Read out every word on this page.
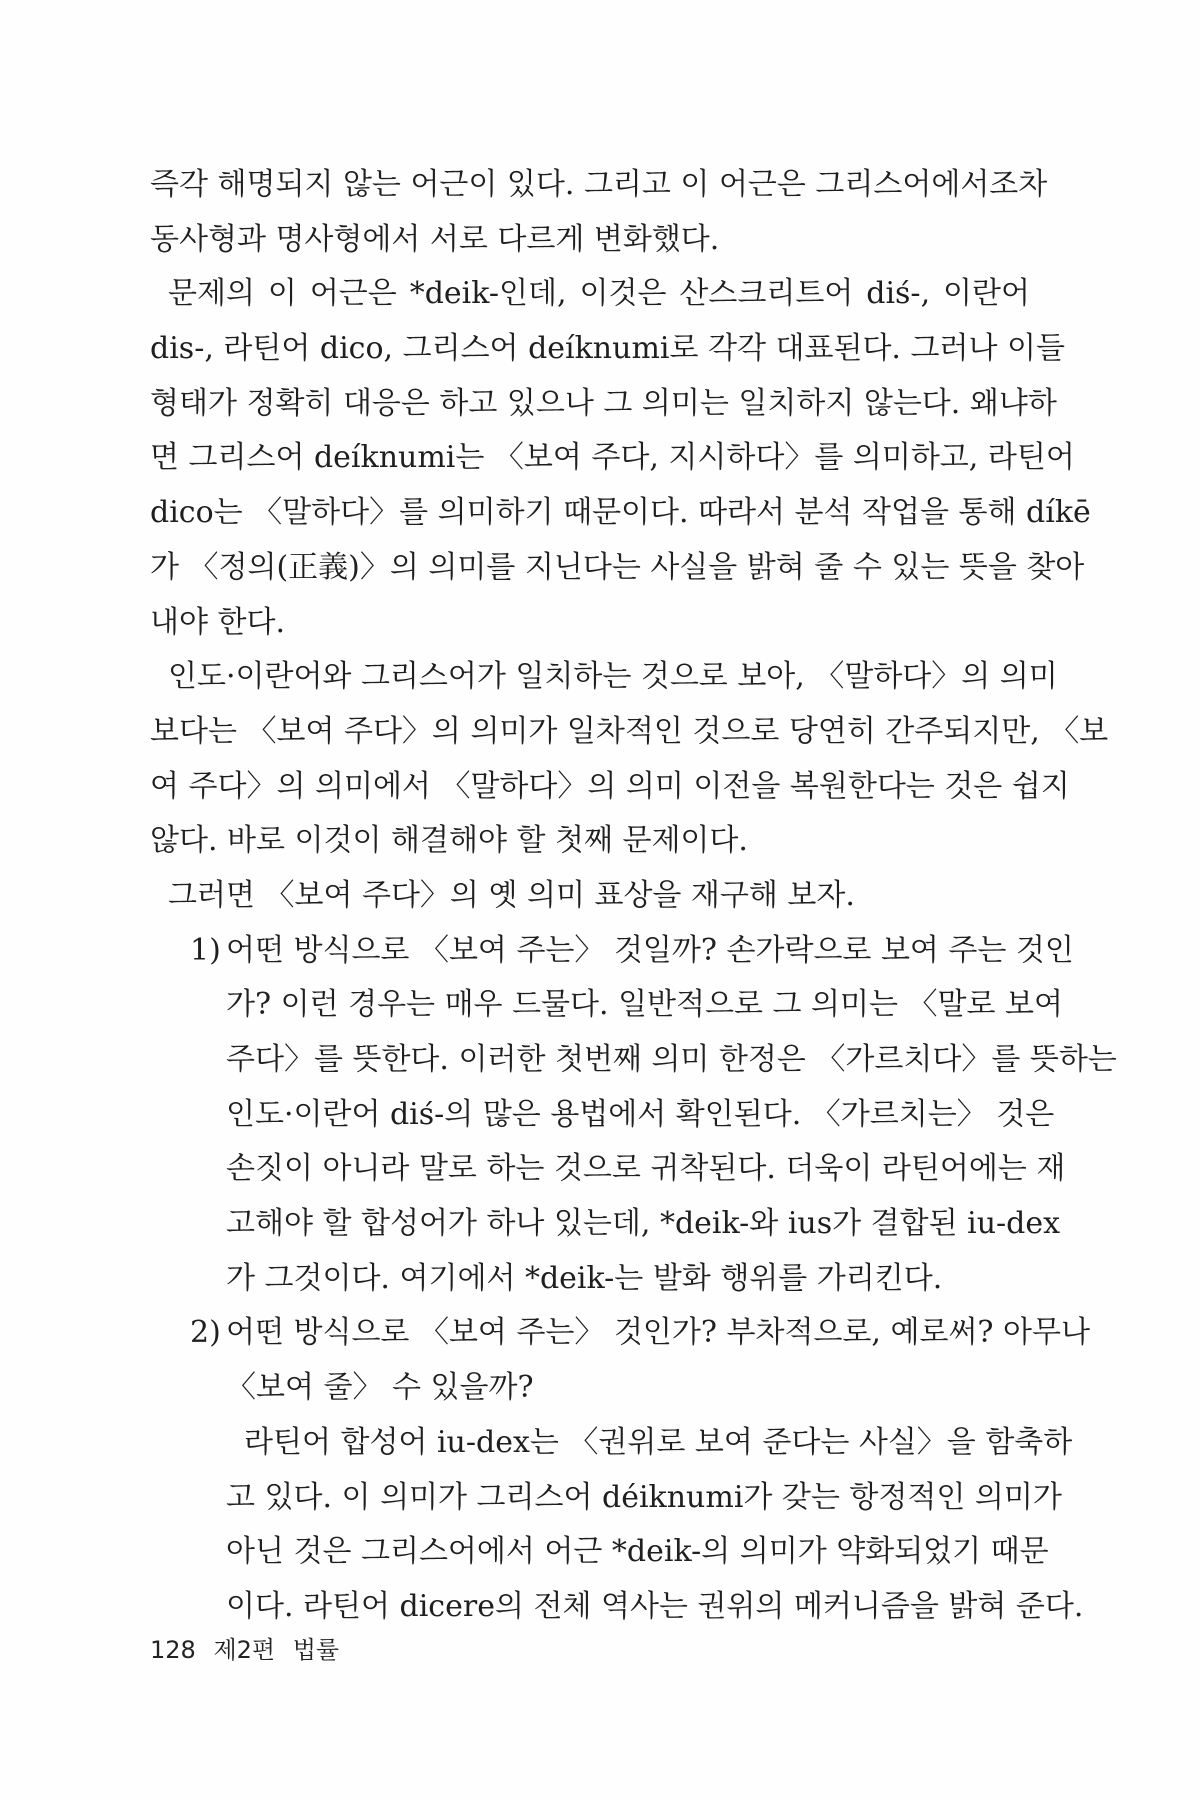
즉각 해명되지 않는 어근이 있다. 그리고 이 어근은 그리스어에서조차
동사형과 명사형에서 서로 다르게 변화했다.
문제의 이 어근은 *deik-인데, 이것은 산스크리트어 diś-, 이란어
dis-, 라틴어 dico, 그리스어 deíknumi로 각각 대표된다. 그러나 이들
형태가 정확히 대응은 하고 있으나 그 의미는 일치하지 않는다. 왜냐하
면 그리스어 deíknumi는 〈보여 주다, 지시하다〉를 의미하고, 라틴어
dico는 〈말하다〉를 의미하기 때문이다. 따라서 분석 작업을 통해 díkē
가 〈정의(正義)〉의 의미를 지닌다는 사실을 밝혀 줄 수 있는 뜻을 찾아
내야 한다.
인도·이란어와 그리스어가 일치하는 것으로 보아, 〈말하다〉의 의미
보다는 〈보여 주다〉의 의미가 일차적인 것으로 당연히 간주되지만, 〈보
여 주다〉의 의미에서 〈말하다〉의 의미 이전을 복원한다는 것은 쉽지
않다. 바로 이것이 해결해야 할 첫째 문제이다.
그러면 〈보여 주다〉의 옛 의미 표상을 재구해 보자.
1) 어떤 방식으로 〈보여 주는〉 것일까? 손가락으로 보여 주는 것인
가? 이런 경우는 매우 드물다. 일반적으로 그 의미는 〈말로 보여
주다〉를 뜻한다. 이러한 첫번째 의미 한정은 〈가르치다〉를 뜻하는
인도·이란어 diś-의 많은 용법에서 확인된다. 〈가르치는〉 것은
손짓이 아니라 말로 하는 것으로 귀착된다. 더욱이 라틴어에는 재
고해야 할 합성어가 하나 있는데, *deik-와 ius가 결합된 iu-dex
가 그것이다. 여기에서 *deik-는 발화 행위를 가리킨다.
2) 어떤 방식으로 〈보여 주는〉 것인가? 부차적으로, 예로써? 아무나
〈보여 줄〉 수 있을까?
라틴어 합성어 iu-dex는 〈권위로 보여 준다는 사실〉을 함축하
고 있다. 이 의미가 그리스어 déiknumi가 갖는 항정적인 의미가
아닌 것은 그리스어에서 어근 *deik-의 의미가 약화되었기 때문
이다. 라틴어 dicere의 전체 역사는 권위의 메커니즘을 밝혀 준다.
128 제2편 법률
